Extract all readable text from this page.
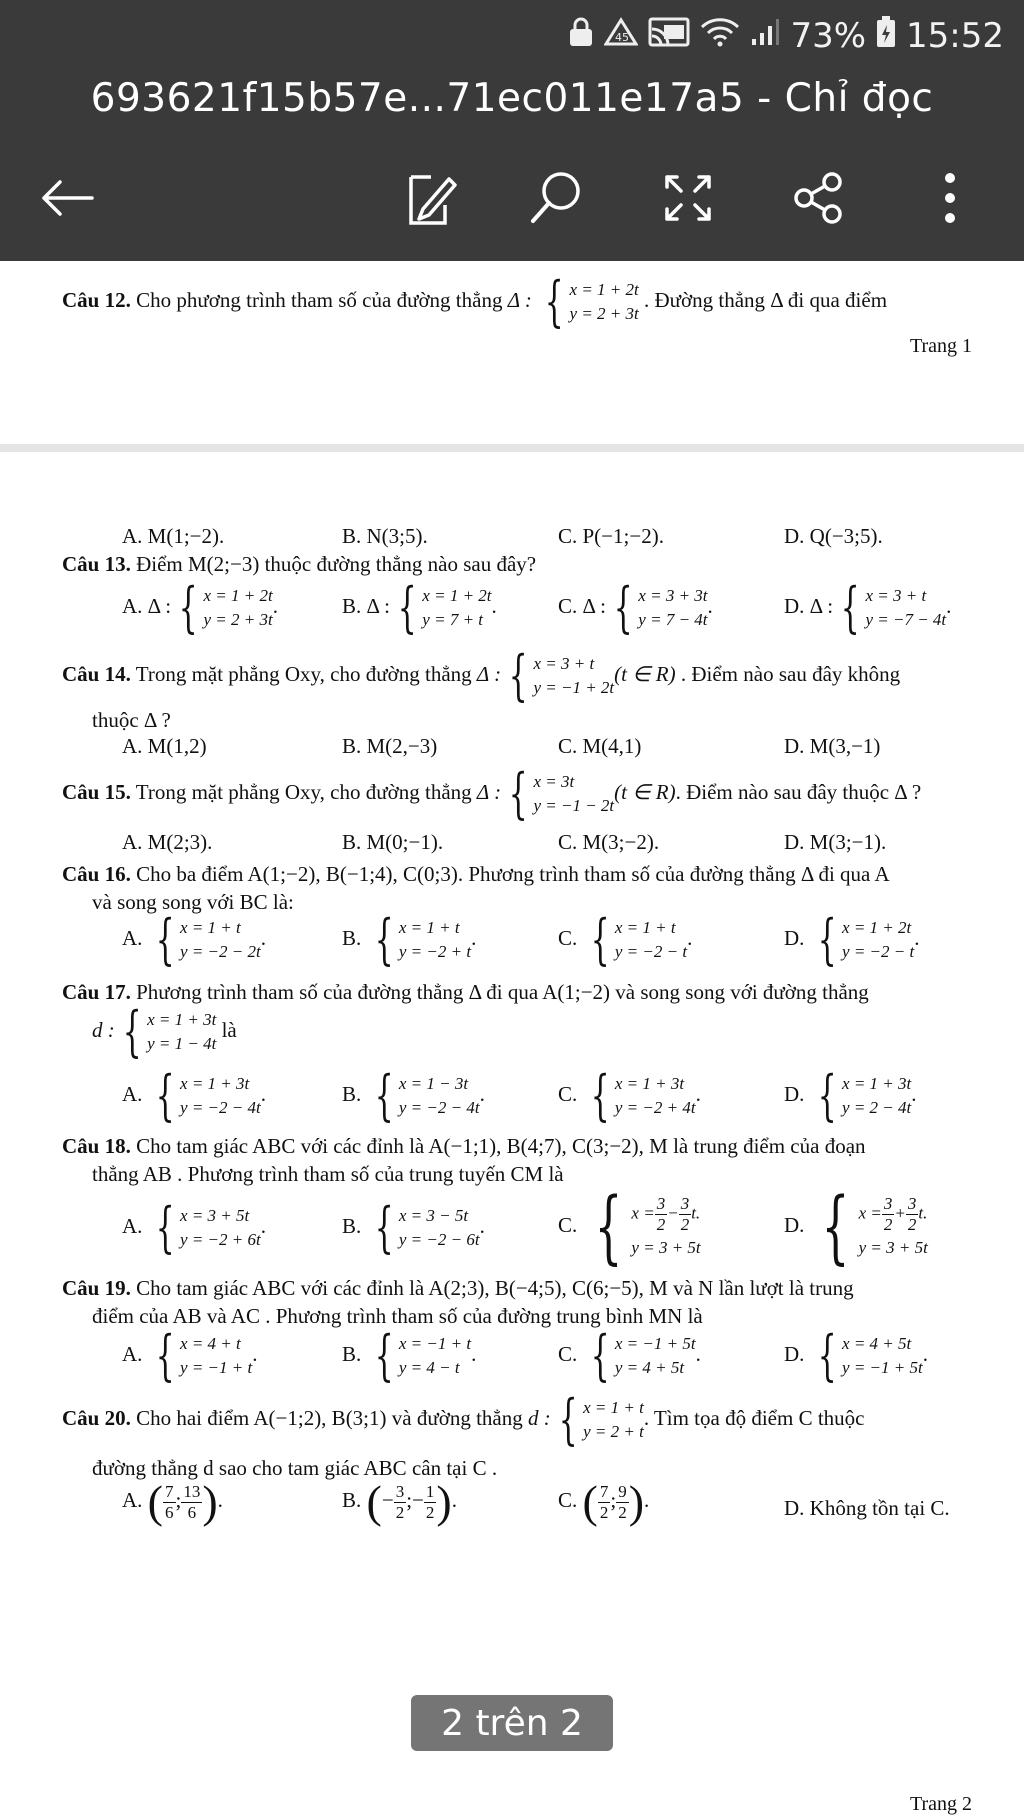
45	73% 15:52
693621f15b57e...71ec011e17a5 - Chỉ đọc
Câu 12. Cho phương trình tham số của đường thẳng Δ : { x = 1 + 2t
y = 2 + 3t
. Đường thẳng Δ đi qua điểm
Trang 1
A. M(1;−2).	B. N(3;5).	C. P(−1;−2).	D. Q(−3;5).
Câu 13. Điểm M(2;−3) thuộc đường thẳng nào sau đây?
A. Δ : { x = 1 + 2t
y = 2 + 3t
.	B. Δ : { x = 1 + 2t
y = 7 + t
.	C. Δ : { x = 3 + 3t
y = 7 − 4t
.	D. Δ : { x = 3 + t
y = −7 − 4t
.
Câu 14. Trong mặt phẳng Oxy, cho đường thẳng Δ : { x = 3 + t
y = −1 + 2t
(t ∈ R) . Điểm nào sau đây không
thuộc Δ ?
A. M(1,2)	B. M(2,−3)	C. M(4,1)	D. M(3,−1)
Câu 15. Trong mặt phẳng Oxy, cho đường thẳng Δ : { x = 3t
y = −1 − 2t
(t ∈ R). Điểm nào sau đây thuộc Δ ?
A. M(2;3).	B. M(0;−1).	C. M(3;−2).	D. M(3;−1).
Câu 16. Cho ba điểm A(1;−2), B(−1;4), C(0;3). Phương trình tham số của đường thẳng Δ đi qua A
và song song với BC là:
A. { x = 1 + t
y = −2 − 2t
.	B. { x = 1 + t
y = −2 + t
.	C. { x = 1 + t
y = −2 − t
.	D. { x = 1 + 2t
y = −2 − t
.
Câu 17. Phương trình tham số của đường thẳng Δ đi qua A(1;−2) và song song với đường thẳng
d : { x = 1 + 3t
y = 1 − 4t
là
A. { x = 1 + 3t
y = −2 − 4t
.	B. { x = 1 − 3t
y = −2 − 4t
.	C. { x = 1 + 3t
y = −2 + 4t
.	D. { x = 1 + 3t
y = 2 − 4t
.
Câu 18. Cho tam giác ABC với các đỉnh là A(−1;1), B(4;7), C(3;−2), M là trung điểm của đoạn
thẳng AB . Phương trình tham số của trung tuyến CM là
A. { x = 3 + 5t
y = −2 + 6t
.	B. { x = 3 − 5t
y = −2 − 6t
.	C. { $x = \frac{3}{2} - \frac{3}{2} t$.
y = 3 + 5t
D. { $x = \frac{3}{2} + \frac{3}{2} t$.
y = 3 + 5t
Câu 19. Cho tam giác ABC với các đỉnh là A(2;3), B(−4;5), C(6;−5), M và N lần lượt là trung
điểm của AB và AC . Phương trình tham số của đường trung bình MN là
A. { x = 4 + t
y = −1 + t
.	B. { x = −1 + t
y = 4 − t
.	C. { x = −1 + 5t
y = 4 + 5t
.	D. { x = 4 + 5t
y = −1 + 5t
.
Câu 20. Cho hai điểm A(−1;2), B(3;1) và đường thẳng d : { x = 1 + t
y = 2 + t
. Tìm tọa độ điểm C thuộc
đường thẳng d sao cho tam giác ABC cân tại C .
A. ( $\frac{7}{6}$ ; $\frac{13}{6}$ ).	B. (− $\frac{3}{2}$ ;− $\frac{1}{2}$ ).	C. ( $\frac{7}{2}$ ; $\frac{9}{2}$ ).	D. Không tồn tại C.
Trang 2
2 trên 2
